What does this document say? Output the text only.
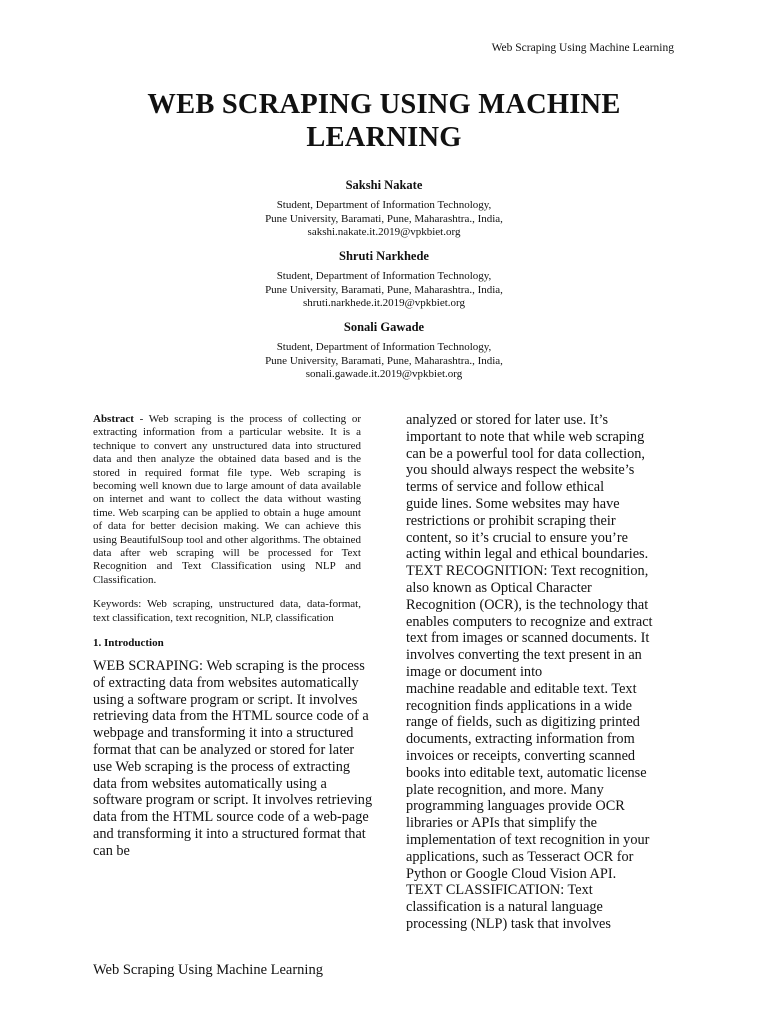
Web Scraping Using Machine Learning
WEB SCRAPING USING MACHINE
LEARNING
Sakshi Nakate
Student, Department of Information Technology,
Pune University, Baramati, Pune, Maharashtra., India,
sakshi.nakate.it.2019@vpkbiet.org
Shruti Narkhede
Student, Department of Information Technology,
Pune University, Baramati, Pune, Maharashtra., India,
shruti.narkhede.it.2019@vpkbiet.org
Sonali Gawade
Student, Department of Information Technology,
Pune University, Baramati, Pune, Maharashtra., India,
sonali.gawade.it.2019@vpkbiet.org

Abstract - Web scraping is the process of collecting or extracting information from a particular website. It is a technique to convert any unstructured data into structured data and then analyze the obtained data based and is the stored in required format file type. Web scraping is becoming well known due to large amount of data available on internet and want to collect the data without wasting time. Web scarping can be applied to obtain a huge amount of data for better decision making. We can achieve this using BeautifulSoup tool and other algorithms. The obtained data after web scraping will be processed for Text Recognition and Text Classification using NLP and Classification.

Keywords: Web scraping, unstructured data, data-format, text classification, text recognition, NLP, classification

1. Introduction

WEB SCRAPING: Web scraping is the process of extracting data from websites automatically using a software program or script. It involves retrieving data from the HTML source code of a webpage and transforming it into a structured format that can be analyzed or stored for later use Web scraping is the process of extracting data from websites automatically using a software program or script. It involves retrieving data from the HTML source code of a web-page and transforming it into a structured format that can be

analyzed or stored for later use. It’s
important to note that while web scraping
can be a powerful tool for data collection,
you should always respect the website’s
terms of service and follow ethical
guide lines. Some websites may have
restrictions or prohibit scraping their
content, so it’s crucial to ensure you’re
acting within legal and ethical boundaries.
TEXT RECOGNITION: Text recognition,
also known as Optical Character
Recognition (OCR), is the technology that
enables computers to recognize and extract
text from images or scanned documents. It
involves converting the text present in an
image or document into
machine readable and editable text. Text
recognition finds applications in a wide
range of fields, such as digitizing printed
documents, extracting information from
invoices or receipts, converting scanned
books into editable text, automatic license
plate recognition, and more. Many
programming languages provide OCR
libraries or APIs that simplify the
implementation of text recognition in your
applications, such as Tesseract OCR for
Python or Google Cloud Vision API.
TEXT CLASSIFICATION: Text
classification is a natural language
processing (NLP) task that involves

Web Scraping Using Machine Learning
